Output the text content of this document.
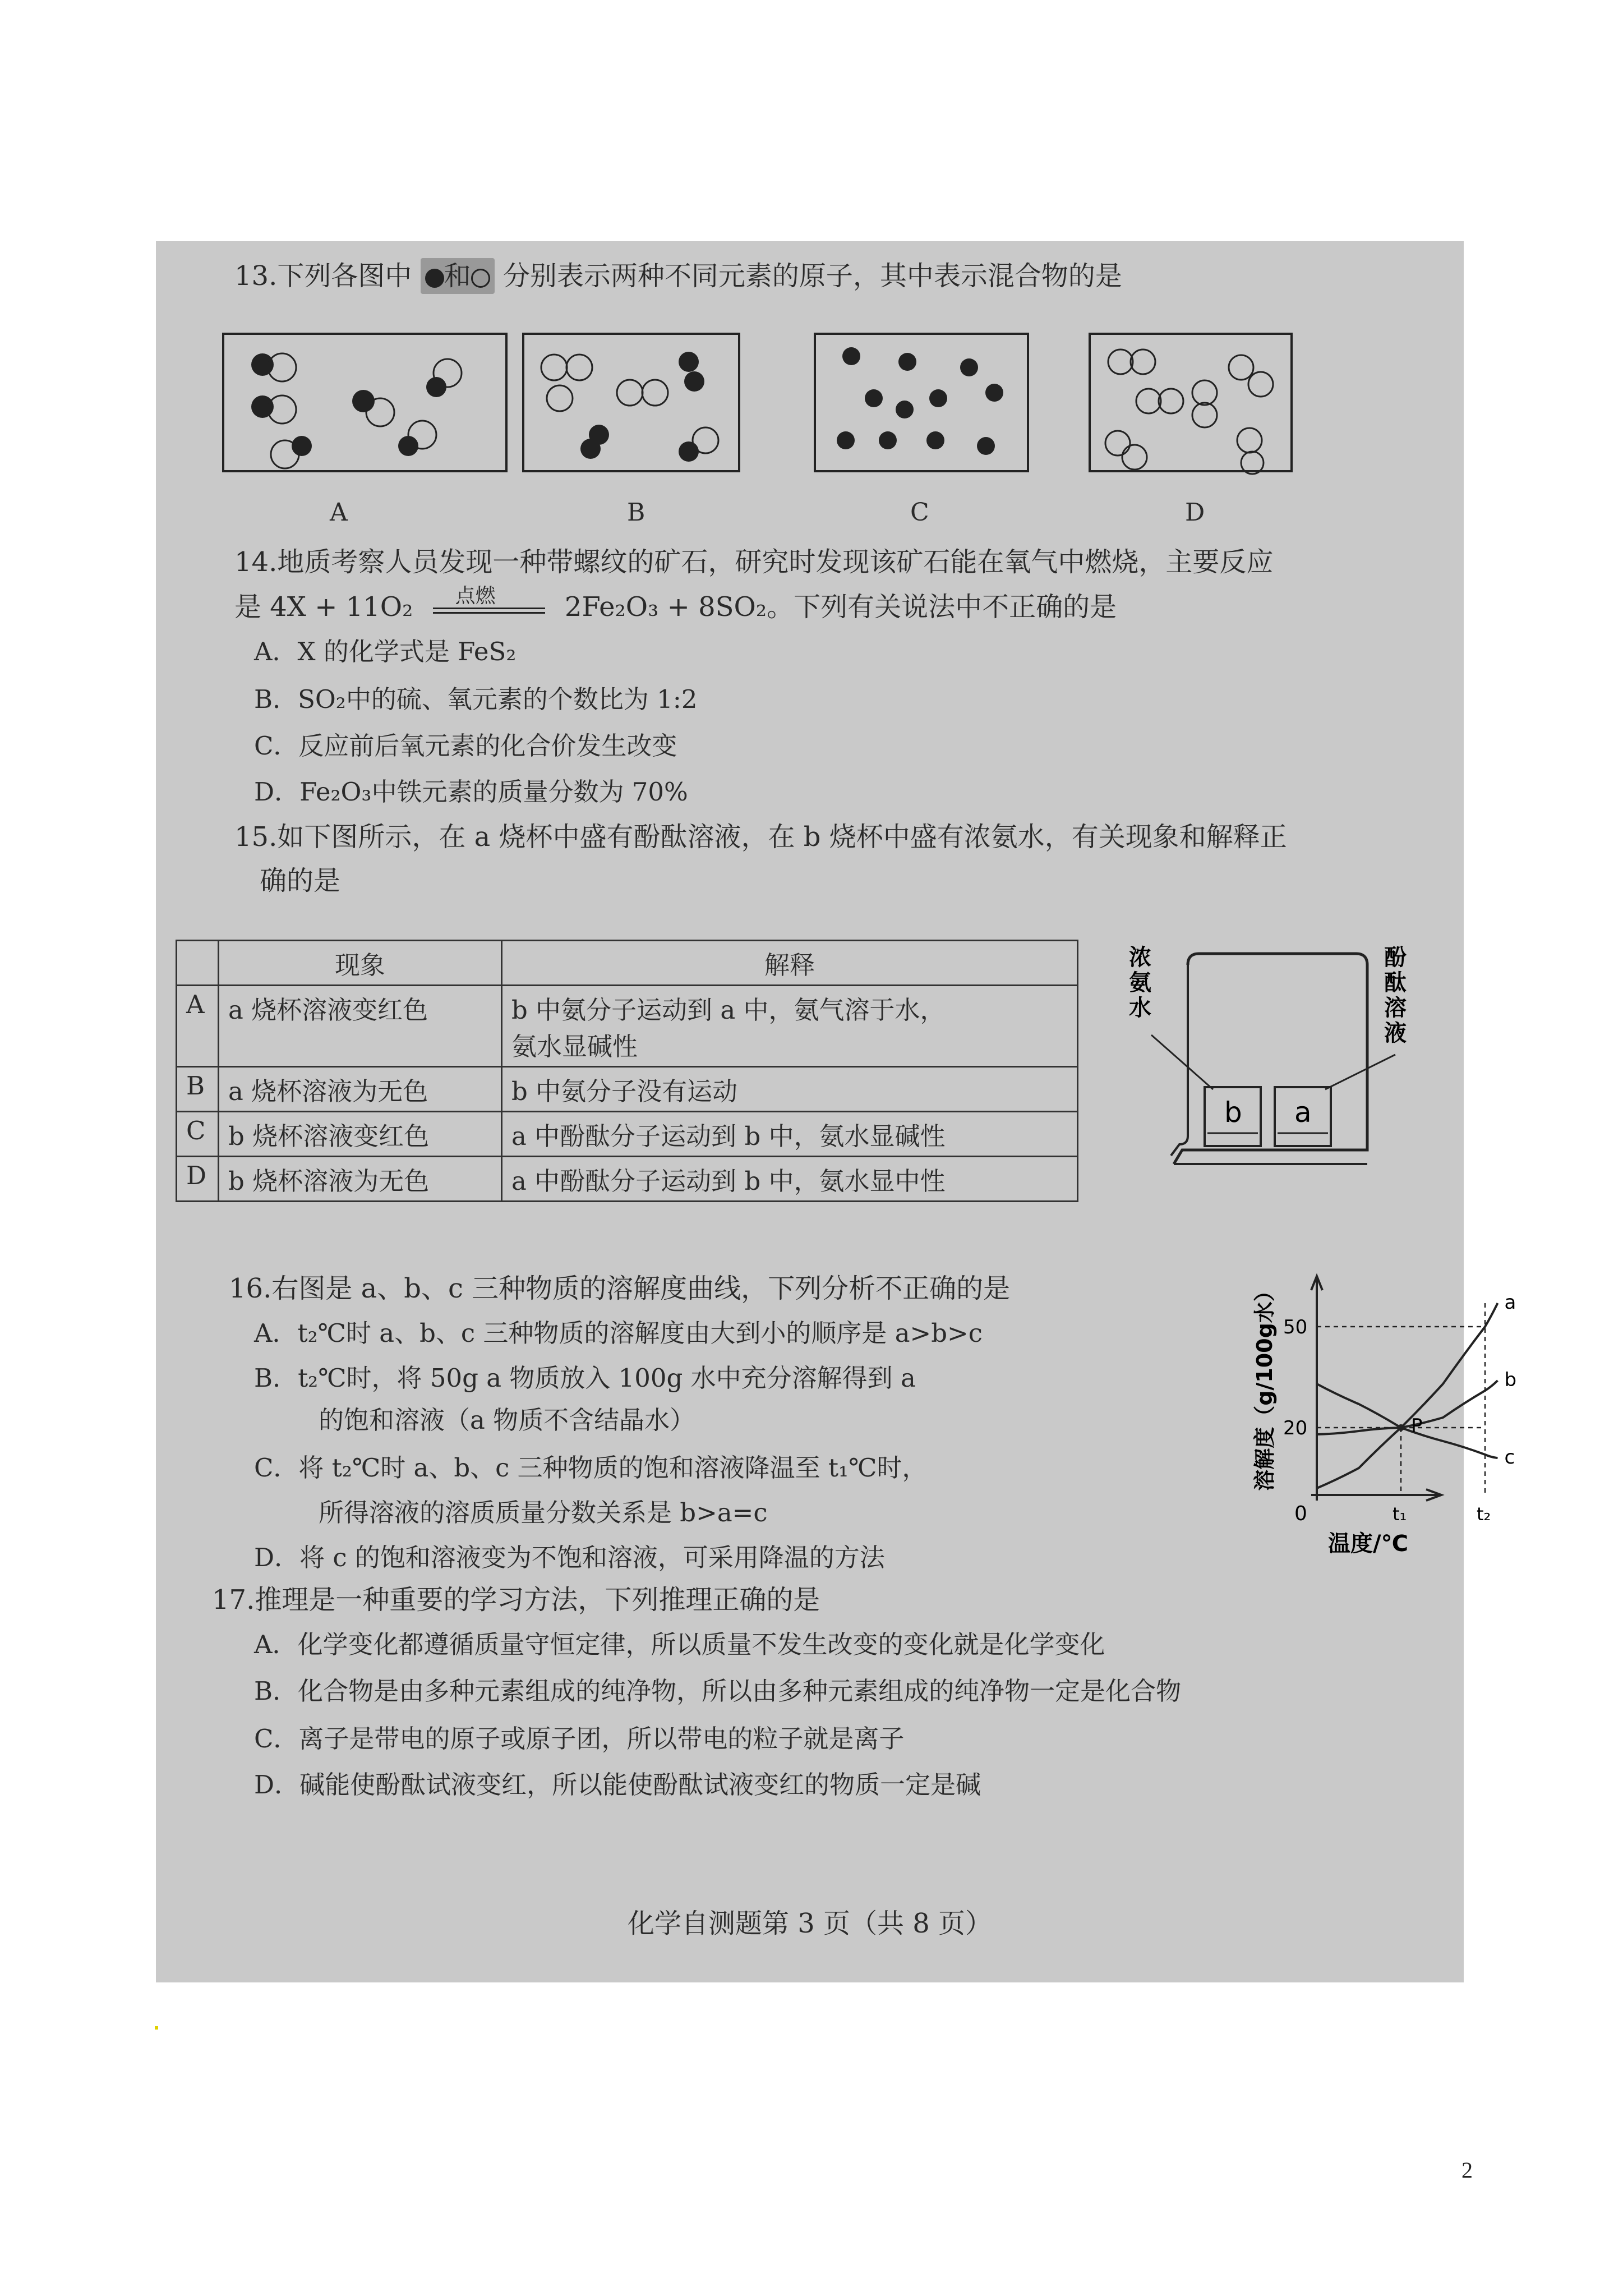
13.下列各图中 和 分别表示两种不同元素的原子，其中表示混合物的是
A	B	C	D
14.地质考察人员发现一种带螺纹的矿石，研究时发现该矿石能在氧气中燃烧，主要反应
是 4X + 11O₂ 点燃	2Fe₂O₃ + 8SO₂。下列有关说法中不正确的是
A．X 的化学式是 FeS₂
B．SO₂中的硫、氧元素的个数比为 1:2
C．反应前后氧元素的化合价发生改变
D．Fe₂O₃中铁元素的质量分数为 70%
15.如下图所示，在 a 烧杯中盛有酚酞溶液，在 b 烧杯中盛有浓氨水，有关现象和解释正
确的是
	现象	解释
A	a 烧杯溶液变红色	b 中氨分子运动到 a 中，氨气溶于水，
氨水显碱性

B	a 烧杯溶液为无色	b 中氨分子没有运动
C	b 烧杯溶液变红色	a 中酚酞分子运动到 b 中，氨水显碱性
D	b 烧杯溶液为无色	a 中酚酞分子运动到 b 中，氨水显中性
b a
浓
氨
水
酚
酞
溶
液
16.右图是 a、b、c 三种物质的溶解度曲线，下列分析不正确的是
A．t₂℃时 a、b、c 三种物质的溶解度由大到小的顺序是 a>b>c
B．t₂℃时，将 50g a 物质放入 100g 水中充分溶解得到 a
的饱和溶液（a 物质不含结晶水）
C．将 t₂℃时 a、b、c 三种物质的饱和溶液降温至 t₁℃时，
所得溶液的溶质质量分数关系是 b>a=c
D．将 c 的饱和溶液变为不饱和溶液，可采用降温的方法
溶解度（g/100g水）
0
20
50
t₁	t₂
温度/℃
a
b
c
P
17.推理是一种重要的学习方法，下列推理正确的是
A．化学变化都遵循质量守恒定律，所以质量不发生改变的变化就是化学变化
B．化合物是由多种元素组成的纯净物，所以由多种元素组成的纯净物一定是化合物
C．离子是带电的原子或原子团，所以带电的粒子就是离子
D．碱能使酚酞试液变红，所以能使酚酞试液变红的物质一定是碱
化学自测题第 3 页（共 8 页）
2
